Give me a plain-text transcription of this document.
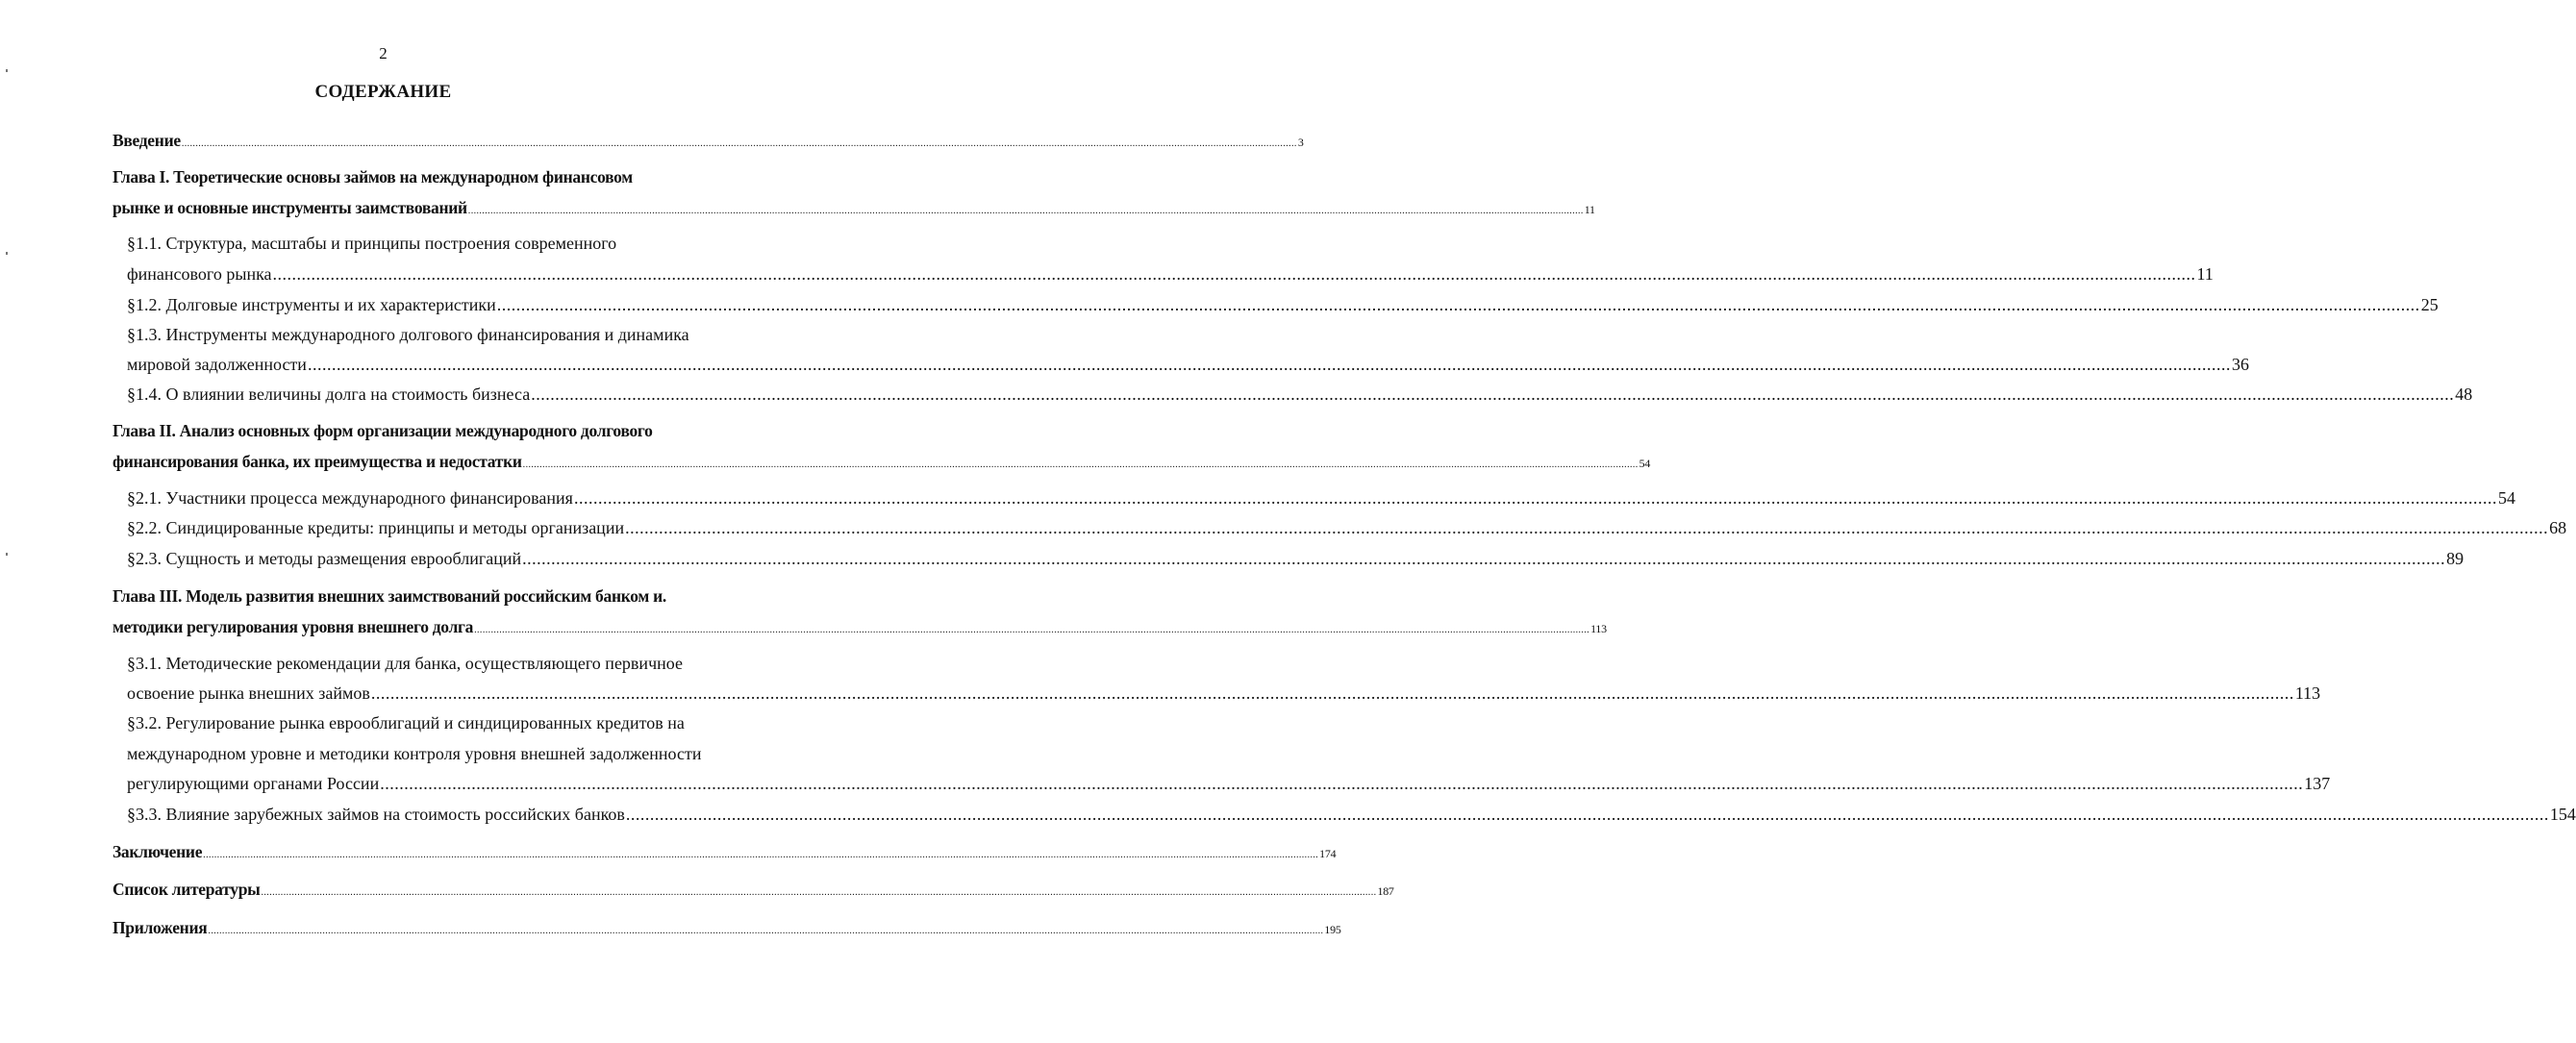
2
СОДЕРЖАНИЕ
Введение ................................................................................................................................................................................................................................................................................................................................................................................................................ 3
Глава I. Теоретические основы займов на международном финансовом
рынке и основные инструменты заимствований ................................................................................................................................................................................................................................................................................................................................................................................................................ 11
§1.1. Структура, масштабы и принципы построения современного
финансового рынка ................................................................................................................................................................................................................................................................................................................................................................................................................ 11
§1.2. Долговые инструменты и их характеристики ................................................................................................................................................................................................................................................................................................................................................................................................................ 25
§1.3. Инструменты международного долгового финансирования и динамика
мировой задолженности ................................................................................................................................................................................................................................................................................................................................................................................................................ 36
§1.4. О влиянии величины долга на стоимость бизнеса ................................................................................................................................................................................................................................................................................................................................................................................................................ 48
Глава II. Анализ основных форм организации международного долгового
финансирования банка, их преимущества и недостатки ................................................................................................................................................................................................................................................................................................................................................................................................................ 54
§2.1. Участники процесса международного финансирования ................................................................................................................................................................................................................................................................................................................................................................................................................ 54
§2.2. Синдицированные кредиты: принципы и методы организации ................................................................................................................................................................................................................................................................................................................................................................................................................ 68
§2.3. Сущность и методы размещения еврооблигаций ................................................................................................................................................................................................................................................................................................................................................................................................................ 89
Глава III. Модель развития внешних заимствований российским банком и.
методики регулирования уровня внешнего долга ................................................................................................................................................................................................................................................................................................................................................................................................................ 113
§3.1. Методические рекомендации для банка, осуществляющего первичное
освоение рынка внешних займов ................................................................................................................................................................................................................................................................................................................................................................................................................ 113
§3.2. Регулирование рынка еврооблигаций и синдицированных кредитов на
международном уровне и методики контроля уровня внешней задолженности
регулирующими органами России ................................................................................................................................................................................................................................................................................................................................................................................................................ 137
§3.3. Влияние зарубежных займов на стоимость российских банков ................................................................................................................................................................................................................................................................................................................................................................................................................ 154
Заключение ................................................................................................................................................................................................................................................................................................................................................................................................................ 174
Список литературы ................................................................................................................................................................................................................................................................................................................................................................................................................ 187
Приложения ................................................................................................................................................................................................................................................................................................................................................................................................................ 195
